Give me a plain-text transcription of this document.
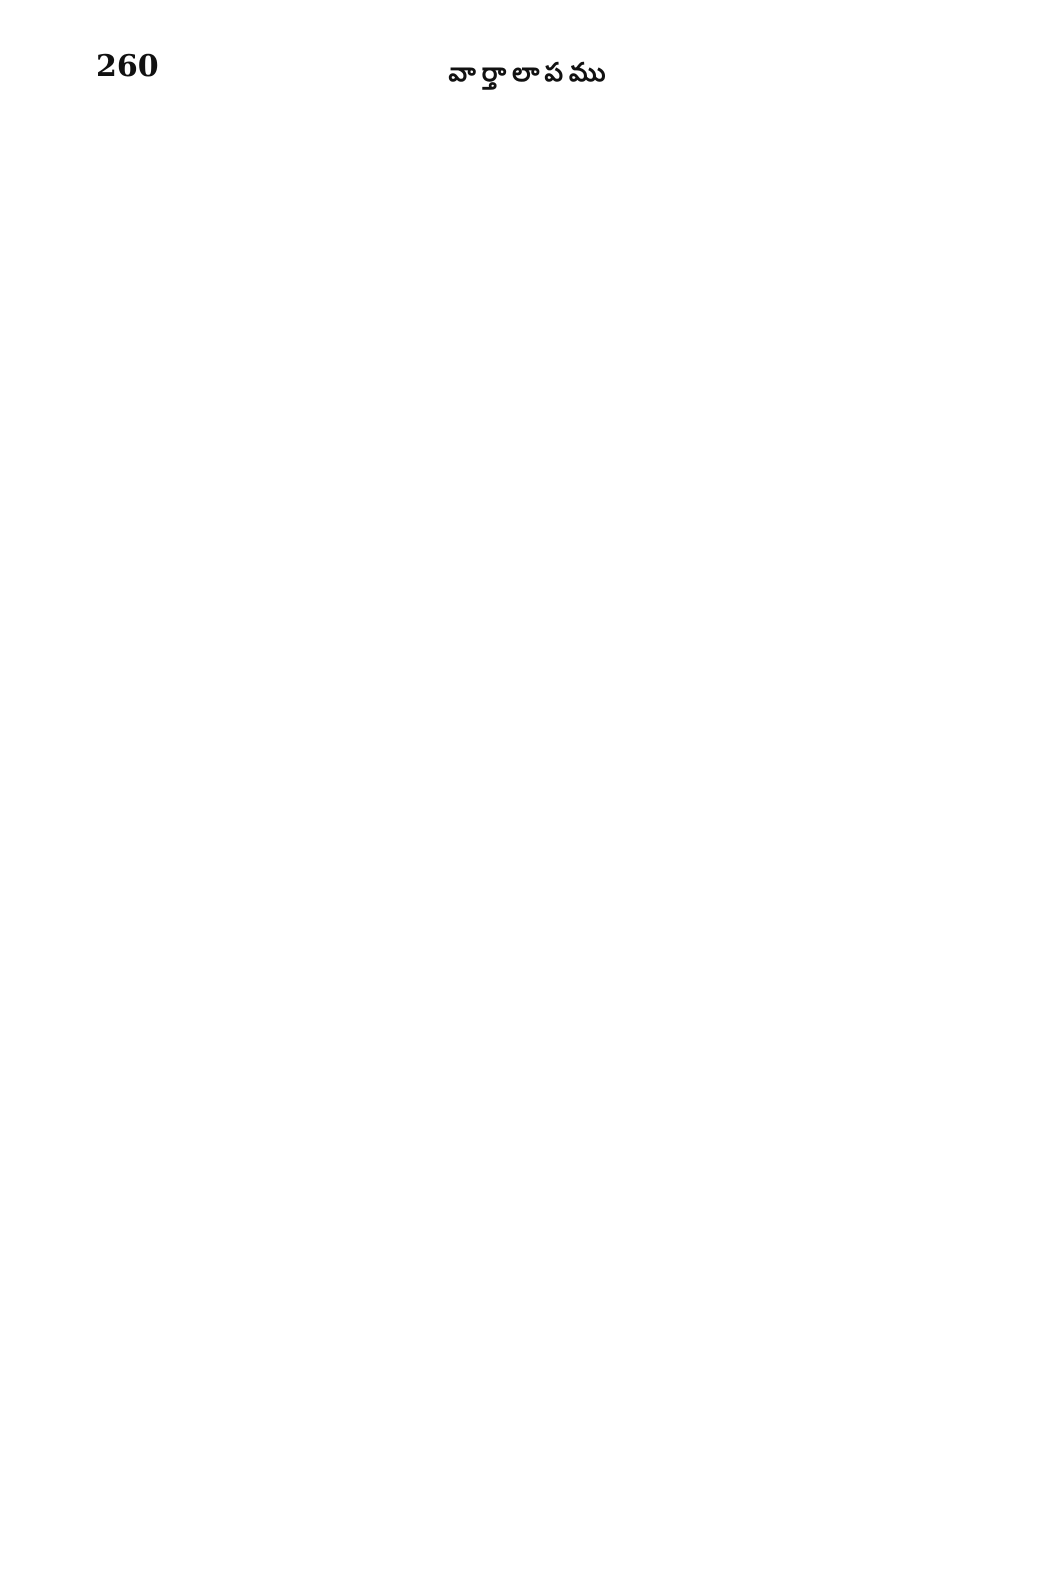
260	వార్తాలాపము
